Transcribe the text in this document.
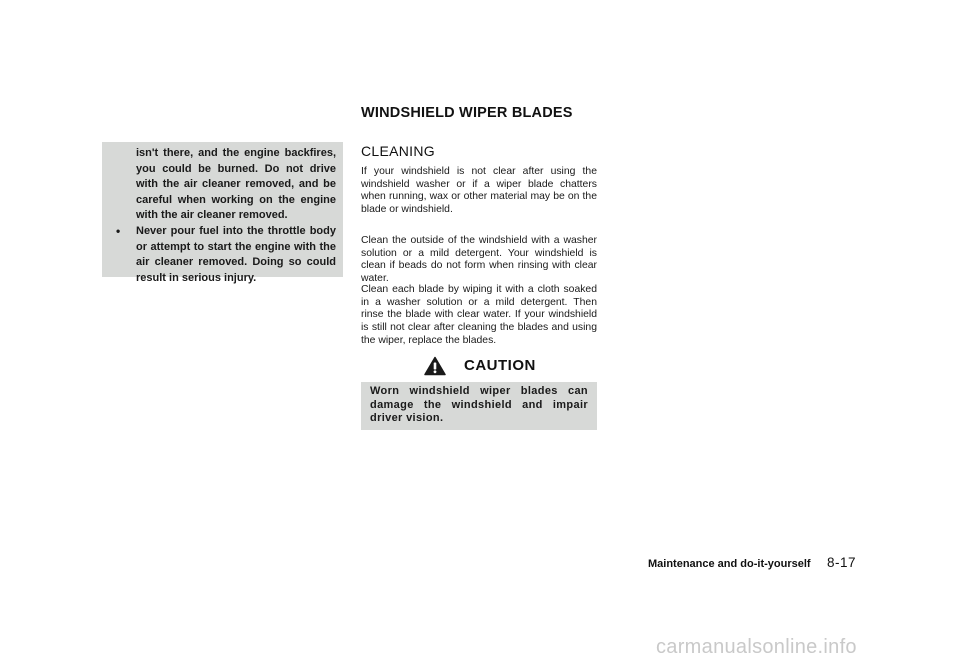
isn't there, and the engine backfires, you could be burned. Do not drive with the air cleaner removed, and be careful when working on the engine with the air cleaner removed.
• Never pour fuel into the throttle body or attempt to start the engine with the air cleaner removed. Doing so could result in serious injury.
WINDSHIELD WIPER BLADES
CLEANING
If your windshield is not clear after using the windshield washer or if a wiper blade chatters when running, wax or other material may be on the blade or windshield.
Clean the outside of the windshield with a washer solution or a mild detergent. Your windshield is clean if beads do not form when rinsing with clear water.
Clean each blade by wiping it with a cloth soaked in a washer solution or a mild detergent. Then rinse the blade with clear water. If your windshield is still not clear after cleaning the blades and using the wiper, replace the blades.
CAUTION
Worn windshield wiper blades can damage the windshield and impair driver vision.
Maintenance and do-it-yourself 8-17
carmanualsonline.info
